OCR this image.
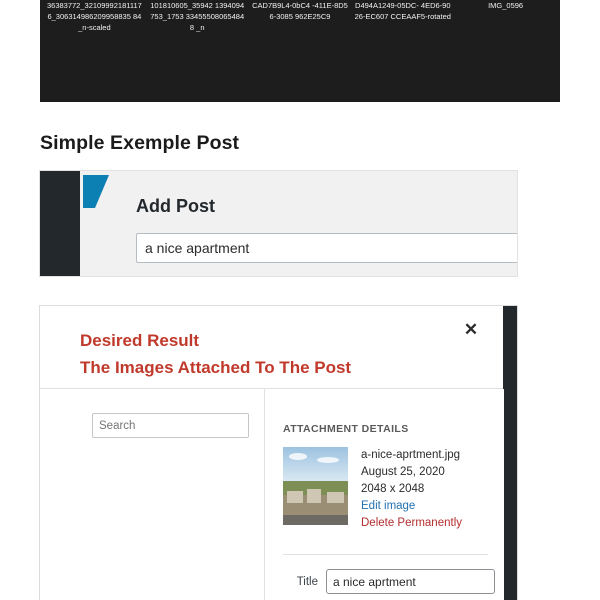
36383772_321099921811176_306314986209958835 84_n-scaled
101810605_35942 1394094753_1753 334555080654848 _n
CAD7B9L4-0bC4 -411E-8D56-3085 962E25C9
D494A1249-05DC- 4ED6-9026-EC607 CCEAAF5-rotated
IMG_0596
Simple Exemple Post
Add Post
a nice apartment
✕
Desired Result
The Images Attached To The Post
Search
ATTACHMENT DETAILS
a-nice-aprtment.jpg
August 25, 2020
2048 x 2048
Edit image
Delete Permanently
Title
a nice aprtment
